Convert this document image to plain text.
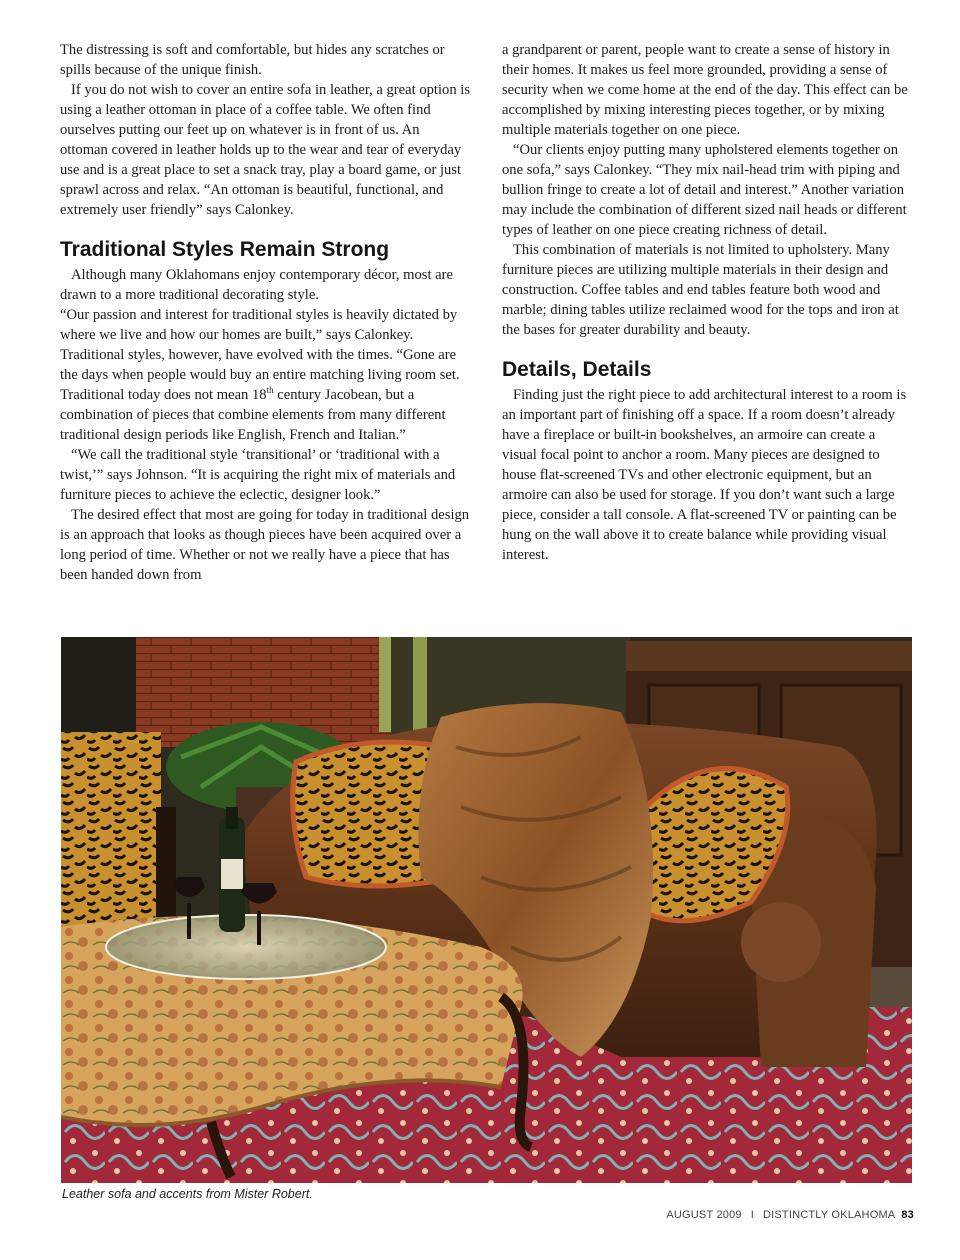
The distressing is soft and comfortable, but hides any scratches or spills because of the unique finish.

If you do not wish to cover an entire sofa in leather, a great option is using a leather ottoman in place of a coffee table. We often find ourselves putting our feet up on whatever is in front of us. An ottoman covered in leather holds up to the wear and tear of everyday use and is a great place to set a snack tray, play a board game, or just sprawl across and relax. “An ottoman is beautiful, functional, and extremely user friendly” says Calonkey.

Traditional Styles Remain Strong

Although many Oklahomans enjoy contemporary décor, most are drawn to a more traditional decorating style.

“Our passion and interest for traditional styles is heavily dictated by where we live and how our homes are built,” says Calonkey. Traditional styles, however, have evolved with the times. “Gone are the days when people would buy an entire matching living room set. Traditional today does not mean 18th century Jacobean, but a combination of pieces that combine elements from many different traditional design periods like English, French and Italian.”

“We call the traditional style ‘transitional’ or ‘traditional with a twist,’” says Johnson. “It is acquiring the right mix of materials and furniture pieces to achieve the eclectic, designer look.”

The desired effect that most are going for today in traditional design is an approach that looks as though pieces have been acquired over a long period of time. Whether or not we really have a piece that has been handed down from

a grandparent or parent, people want to create a sense of history in their homes. It makes us feel more grounded, providing a sense of security when we come home at the end of the day. This effect can be accomplished by mixing interesting pieces together, or by mixing multiple materials together on one piece.

“Our clients enjoy putting many upholstered elements together on one sofa,” says Calonkey. “They mix nail-head trim with piping and bullion fringe to create a lot of detail and interest.” Another variation may include the combination of different sized nail heads or different types of leather on one piece creating richness of detail.

This combination of materials is not limited to upholstery. Many furniture pieces are utilizing multiple materials in their design and construction. Coffee tables and end tables feature both wood and marble; dining tables utilize reclaimed wood for the tops and iron at the bases for greater durability and beauty.

Details, Details

Finding just the right piece to add architectural interest to a room is an important part of finishing off a space. If a room doesn’t already have a fireplace or built-in bookshelves, an armoire can create a visual focal point to anchor a room. Many pieces are designed to house flat-screened TVs and other electronic equipment, but an armoire can also be used for storage. If you don’t want such a large piece, consider a tall console. A flat-screened TV or painting can be hung on the wall above it to create balance while providing visual interest.

Leather sofa and accents from Mister Robert.
AUGUST 2009 I DISTINCTLY OKLAHOMA 83
